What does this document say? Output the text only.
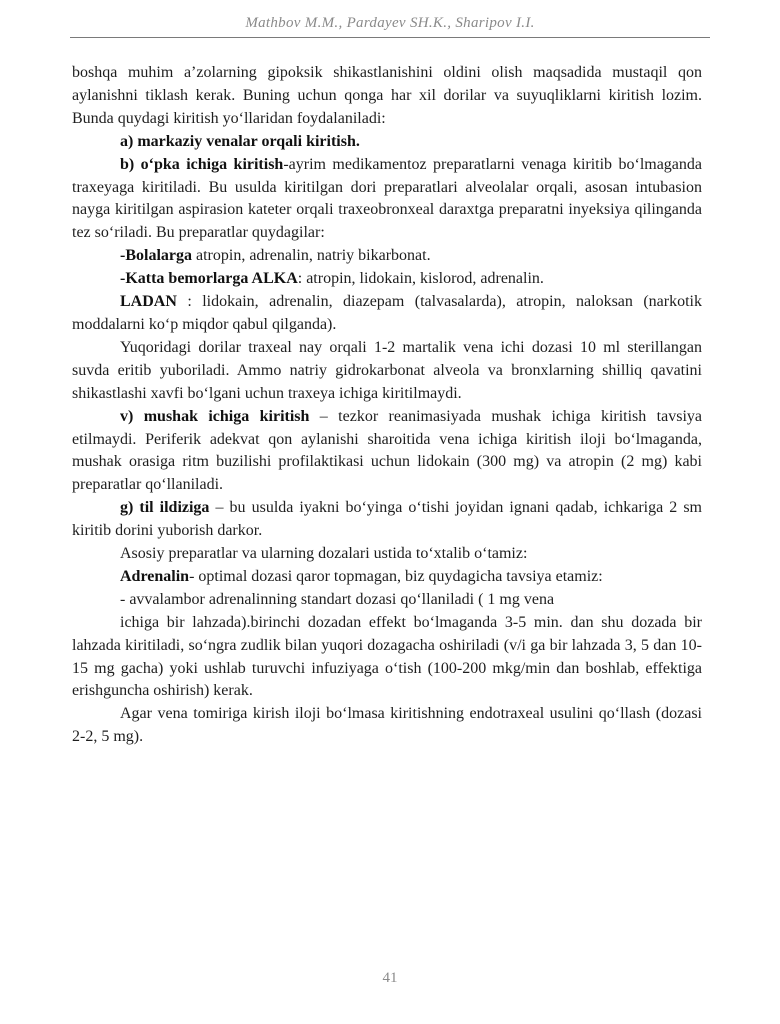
Mathbov M.M., Pardayev SH.K., Sharipov I.I.

boshqa muhim a’zolarning gipoksik shikastlanishini oldini olish maqsadida mustaqil qon aylanishni tiklash kerak. Buning uchun qonga har xil dorilar va suyuqliklarni kiritish lozim. Bunda quydagi kiritish yo‘llaridan foydalaniladi:

a) markaziy venalar orqali kiritish.

b) o‘pka ichiga kiritish-ayrim medikamentoz preparatlarni venaga kiritib bo‘lmaganda traxeyaga kiritiladi. Bu usulda kiritilgan dori preparatlari alveolalar orqali, asosan intubasion nayga kiritilgan aspirasion kateter orqali traxeobronxeal daraxtga preparatni inyeksiya qilinganda tez so‘riladi. Bu preparatlar quydagilar:

-Bolalarga atropin, adrenalin, natriy bikarbonat.

-Katta bemorlarga ALKA: atropin, lidokain, kislorod, adrenalin.

LADAN : lidokain, adrenalin, diazepam (talvasalarda), atropin, naloksan (narkotik moddalarni ko‘p miqdor qabul qilganda).

Yuqoridagi dorilar traxeal nay orqali 1-2 martalik vena ichi dozasi 10 ml sterillangan suvda eritib yuboriladi. Ammo natriy gidrokarbonat alveola va bronxlarning shilliq qavatini shikastlashi xavfi bo‘lgani uchun traxeya ichiga kiritilmaydi.

v) mushak ichiga kiritish – tezkor reanimasiyada mushak ichiga kiritish tavsiya etilmaydi. Periferik adekvat qon aylanishi sharoitida vena ichiga kiritish iloji bo‘lmaganda, mushak orasiga ritm buzilishi profilaktikasi uchun lidokain (300 mg) va atropin (2 mg) kabi preparatlar qo‘llaniladi.

g) til ildiziga – bu usulda iyakni bo‘yinga o‘tishi joyidan ignani qadab, ichkariga 2 sm kiritib dorini yuborish darkor.

Asosiy preparatlar va ularning dozalari ustida to‘xtalib o‘tamiz:

Adrenalin- optimal dozasi qaror topmagan, biz quydagicha tavsiya etamiz:

- avvalambor adrenalinning standart dozasi qo‘llaniladi ( 1 mg vena

ichiga bir lahzada).birinchi dozadan effekt bo‘lmaganda 3-5 min. dan shu dozada bir lahzada kiritiladi, so‘ngra zudlik bilan yuqori dozagacha oshiriladi (v/i ga bir lahzada 3, 5 dan 10-15 mg gacha) yoki ushlab turuvchi infuziyaga o‘tish (100-200 mkg/min dan boshlab, effektiga erishguncha oshirish) kerak.

Agar vena tomiriga kirish iloji bo‘lmasa kiritishning endotraxeal usulini qo‘llash (dozasi 2-2, 5 mg).

41
